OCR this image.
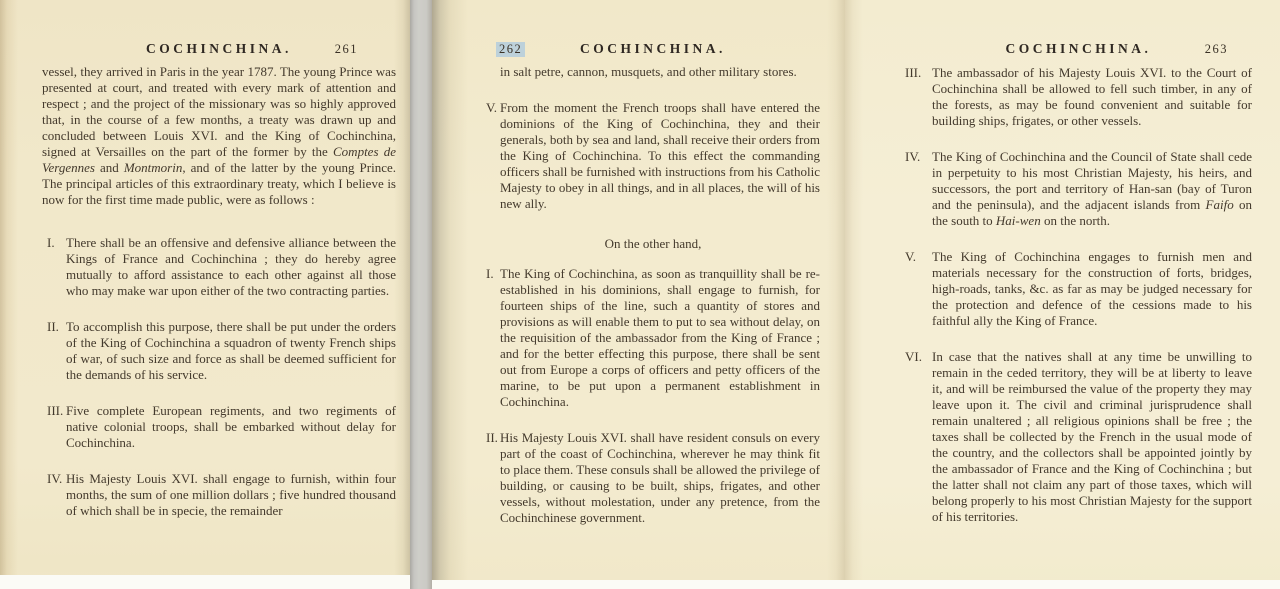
COCHINCHINA.	261

vessel, they arrived in Paris in the year 1787. The young Prince was presented at court, and treated with every mark of attention and respect ; and the project of the missionary was so highly approved that, in the course of a few months, a treaty was drawn up and concluded between Louis XVI. and the King of Cochinchina, signed at Versailles on the part of the former by the Comptes de Vergennes and Montmorin, and of the latter by the young Prince. The principal articles of this extraordinary treaty, which I believe is now for the first time made public, were as follows :

I. There shall be an offensive and defensive alliance between the Kings of France and Cochinchina ; they do hereby agree mutually to afford assistance to each other against all those who may make war upon either of the two contracting parties.
II. To accomplish this purpose, there shall be put under the orders of the King of Cochinchina a squadron of twenty French ships of war, of such size and force as shall be deemed sufficient for the demands of his service.
III. Five complete European regiments, and two regiments of native colonial troops, shall be embarked without delay for Cochinchina.
IV. His Majesty Louis XVI. shall engage to furnish, within four months, the sum of one million dollars ; five hundred thousand of which shall be in specie, the remainder
COCHINCHINA.
262

in salt petre, cannon, musquets, and other military stores.

V. From the moment the French troops shall have entered the dominions of the King of Cochinchina, they and their generals, both by sea and land, shall receive their orders from the King of Cochinchina. To this effect the commanding officers shall be furnished with instructions from his Catholic Majesty to obey in all things, and in all places, the will of his new ally.
On the other hand,
I. The King of Cochinchina, as soon as tranquillity shall be re-established in his dominions, shall engage to furnish, for fourteen ships of the line, such a quantity of stores and provisions as will enable them to put to sea without delay, on the requisition of the ambassador from the King of France ; and for the better effecting this purpose, there shall be sent out from Europe a corps of officers and petty officers of the marine, to be put upon a permanent establishment in Cochinchina.
II. His Majesty Louis XVI. shall have resident consuls on every part of the coast of Cochinchina, wherever he may think fit to place them. These consuls shall be allowed the privilege of building, or causing to be built, ships, frigates, and other vessels, without molestation, under any pretence, from the Cochinchinese government.
COCHINCHINA.	263
III. The ambassador of his Majesty Louis XVI. to the Court of Cochinchina shall be allowed to fell such timber, in any of the forests, as may be found convenient and suitable for building ships, frigates, or other vessels.
IV. The King of Cochinchina and the Council of State shall cede in perpetuity to his most Christian Majesty, his heirs, and successors, the port and territory of Han-san (bay of Turon and the peninsula), and the adjacent islands from Faifo on the south to Hai-wen on the north.
V.	The King of Cochinchina engages to furnish men and materials necessary for the construction of forts, bridges, high-roads, tanks, &c. as far as may be judged necessary for the protection and defence of the cessions made to his faithful ally the King of France.
VI. In case that the natives shall at any time be unwilling to remain in the ceded territory, they will be at liberty to leave it, and will be reimbursed the value of the property they may leave upon it. The civil and criminal jurisprudence shall remain unaltered ; all religious opinions shall be free ; the taxes shall be collected by the French in the usual mode of the country, and the collectors shall be appointed jointly by the ambassador of France and the King of Cochinchina ; but the latter shall not claim any part of those taxes, which will belong properly to his most Christian Majesty for the support of his territories.
